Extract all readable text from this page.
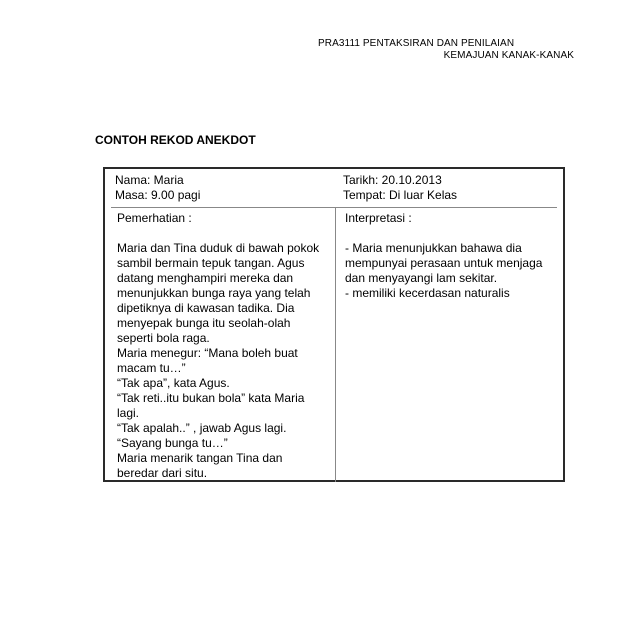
PRA3111 PENTAKSIRAN DAN PENILAIAN
KEMAJUAN KANAK-KANAK
CONTOH REKOD ANEKDOT
Nama: Maria
Masa: 9.00 pagi
Tarikh: 20.10.2013
Tempat: Di luar Kelas
Pemerhatian :
Maria dan Tina duduk di bawah pokok
sambil bermain tepuk tangan. Agus
datang menghampiri mereka dan
menunjukkan bunga raya yang telah
dipetiknya di kawasan tadika. Dia
menyepak bunga itu seolah-olah
seperti bola raga.
Maria menegur: “Mana boleh buat
macam tu…”
“Tak apa”, kata Agus.
“Tak reti..itu bukan bola” kata Maria
lagi.
“Tak apalah..” , jawab Agus lagi.
“Sayang bunga tu…”
Maria menarik tangan Tina dan
beredar dari situ.
Interpretasi :
- Maria menunjukkan bahawa dia
mempunyai perasaan untuk menjaga
dan menyayangi lam sekitar.
- memiliki kecerdasan naturalis
